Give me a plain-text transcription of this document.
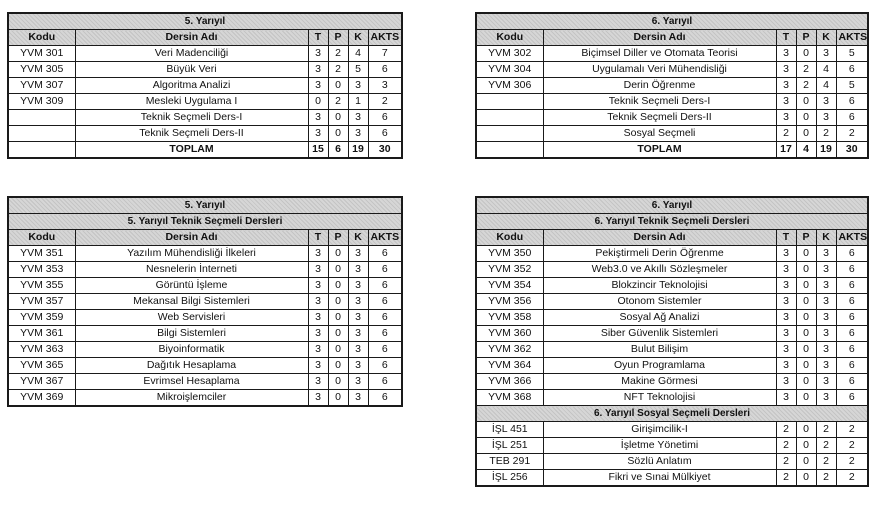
5. Yarıyıl					
Kodu	Dersin Adı	T	P	K	AKTS
YVM 301	Veri Madenciliği	3	2	4	7
YVM 305	Büyük Veri	3	2	5	6
YVM 307	Algoritma Analizi	3	0	3	3
YVM 309	Mesleki Uygulama I	0	2	1	2
	Teknik Seçmeli Ders-I	3	0	3	6
	Teknik Seçmeli Ders-II	3	0	3	6
	TOPLAM	15	6	19	30
6. Yarıyıl					
Kodu	Dersin Adı	T	P	K	AKTS
YVM 302	Biçimsel Diller ve Otomata Teorisi	3	0	3	5
YVM 304	Uygulamalı Veri Mühendisliği	3	2	4	6
YVM 306	Derin Öğrenme	3	2	4	5
	Teknik Seçmeli Ders-I	3	0	3	6
	Teknik Seçmeli Ders-II	3	0	3	6
	Sosyal Seçmeli	2	0	2	2
	TOPLAM	17	4	19	30
5. Yarıyıl					
5. Yarıyıl Teknik Seçmeli Dersleri					
Kodu	Dersin Adı	T	P	K	AKTS
YVM 351	Yazılım Mühendisliği İlkeleri	3	0	3	6
YVM 353	Nesnelerin İnterneti	3	0	3	6
YVM 355	Görüntü İşleme	3	0	3	6
YVM 357	Mekansal Bilgi Sistemleri	3	0	3	6
YVM 359	Web Servisleri	3	0	3	6
YVM 361	Bilgi Sistemleri	3	0	3	6
YVM 363	Biyoinformatik	3	0	3	6
YVM 365	Dağıtık Hesaplama	3	0	3	6
YVM 367	Evrimsel Hesaplama	3	0	3	6
YVM 369	Mikroişlemciler	3	0	3	6
6. Yarıyıl					
6. Yarıyıl Teknik Seçmeli Dersleri					
Kodu	Dersin Adı	T	P	K	AKTS
YVM 350	Pekiştirmeli Derin Öğrenme	3	0	3	6
YVM 352	Web3.0 ve Akıllı Sözleşmeler	3	0	3	6
YVM 354	Blokzincir Teknolojisi	3	0	3	6
YVM 356	Otonom Sistemler	3	0	3	6
YVM 358	Sosyal Ağ Analizi	3	0	3	6
YVM 360	Siber Güvenlik Sistemleri	3	0	3	6
YVM 362	Bulut Bilişim	3	0	3	6
YVM 364	Oyun Programlama	3	0	3	6
YVM 366	Makine Görmesi	3	0	3	6
YVM 368	NFT Teknolojisi	3	0	3	6
6. Yarıyıl Sosyal Seçmeli Dersleri					
İŞL 451	Girişimcilik-I	2	0	2	2
İŞL 251	İşletme Yönetimi	2	0	2	2
TEB 291	Sözlü Anlatım	2	0	2	2
İŞL 256	Fikri ve Sınai Mülkiyet	2	0	2	2
